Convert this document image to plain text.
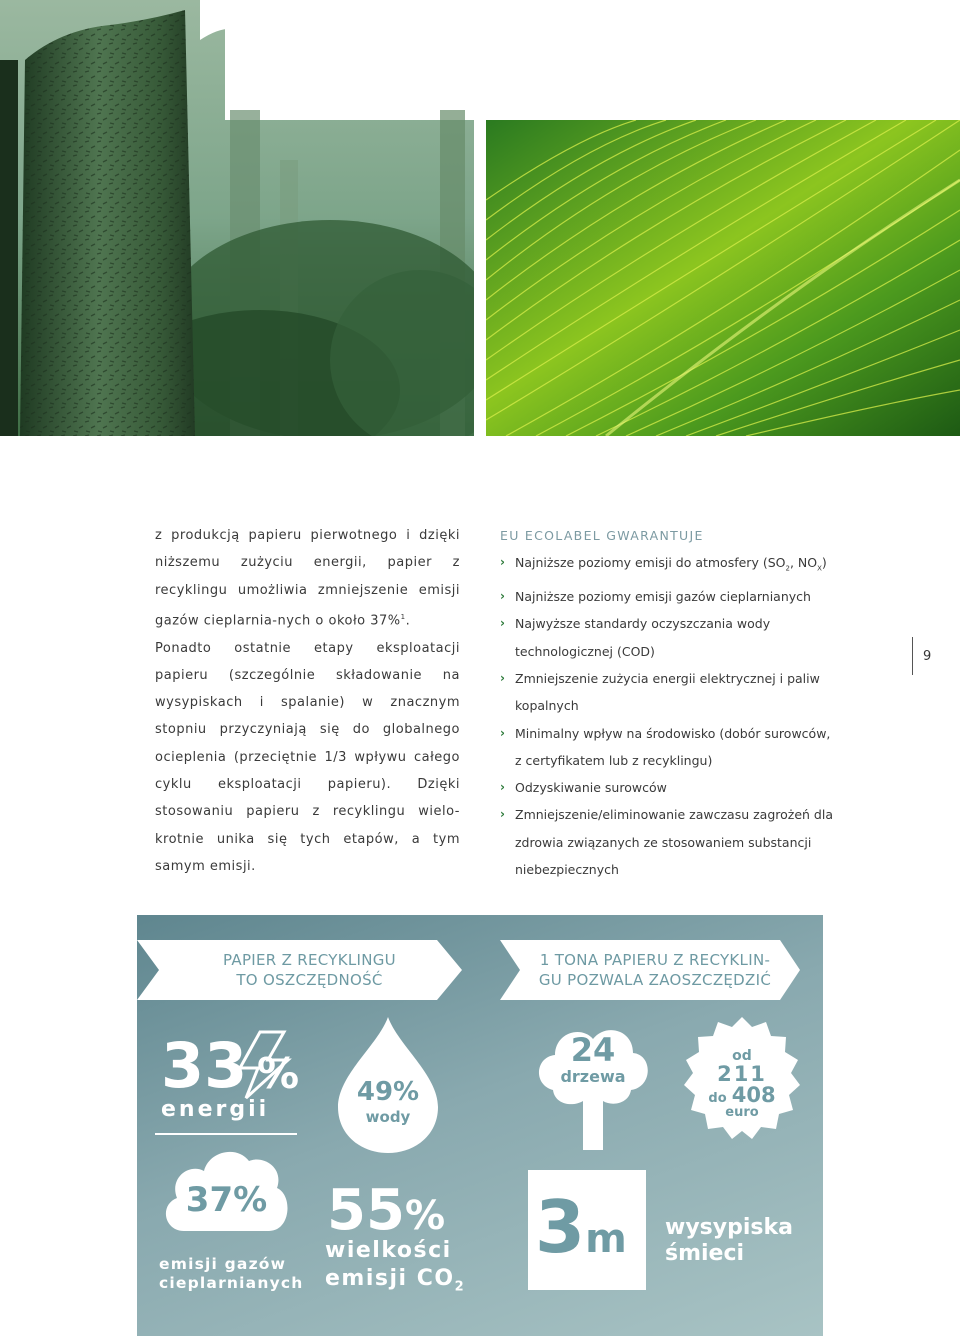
z produkcją papieru pierwotnego i dzięki niższemu zużyciu energii, papier z recyklingu umożliwia zmniejszenie emisji gazów cieplarnia-nych o około 37%$^1$.

Ponadto ostatnie etapy eksploatacji papieru (szczególnie składowanie na wysypiskach i spalanie) w znacznym stopniu przyczyniają się do globalnego ocieplenia (przeciętnie 1/3 wpływu całego cyklu eksploatacji papieru). Dzięki stosowaniu papieru z recyklingu wielo-krotnie unika się tych etapów, a tym samym emisji.

EU ECOLABEL GWARANTUJE
› Najniższe poziomy emisji do atmosfery ($SO_2$, $NO_X$)
› Najniższe poziomy emisji gazów cieplarnianych
› Najwyższe standardy oczyszczania wody technologicznej (COD)
› Zmniejszenie zużycia energii elektrycznej i paliw kopalnych
› Minimalny wpływ na środowisko (dobór surowców, z certyfikatem lub z recyklingu)
› Odzyskiwanie surowców
› Zmniejszenie/eliminowanie zawczasu zagrożeń dla zdrowia związanych ze stosowaniem substancji niebezpiecznych
9
PAPIER Z RECYKLINGU
TO OSZCZĘDNOŚĆ
1 TONA PAPIERU Z RECYKLIN-
GU POZWALA ZAOSZCZĘDZIĆ
33 %
energii
49%
wody
24
drzewa
od
211
do 408
euro
37%
emisji gazów
cieplarnianych
55%
wielkości
emisji $CO_2$
3m
3
wysypiska
śmieci
